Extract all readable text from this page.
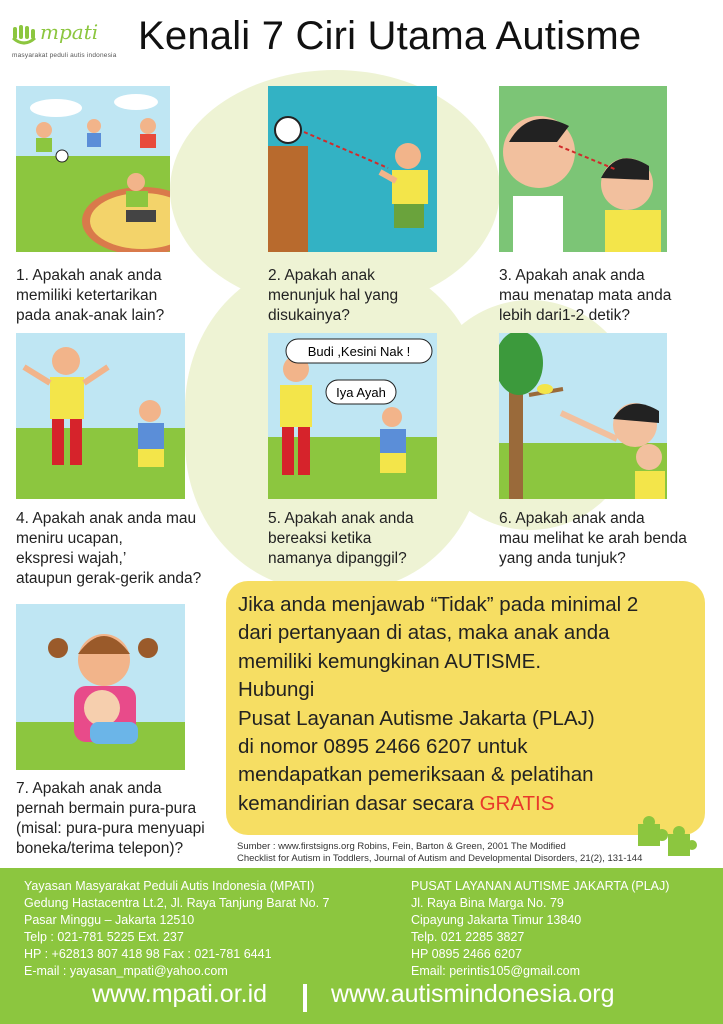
mpati
masyarakat peduli autis indonesia Kenali 7 Ciri Utama Autisme
Budi ,Kesini Nak !
Iya Ayah
1. Apakah anak anda
memiliki ketertarikan
pada anak-anak lain?
2. Apakah anak
menunjuk hal yang
disukainya?
3. Apakah anak anda
mau menatap mata anda
lebih dari1-2 detik?
4. Apakah anak anda mau
meniru ucapan,
ekspresi wajah,’
ataupun gerak-gerik anda?
5. Apakah anak anda
bereaksi ketika
namanya dipanggil?
6. Apakah anak anda
mau melihat ke arah benda
yang anda tunjuk?
7. Apakah anak anda
pernah bermain pura-pura
(misal: pura-pura menyuapi
boneka/terima telepon)?
Jika anda menjawab “Tidak” pada minimal 2
dari pertanyaan di atas, maka anak anda
memiliki kemungkinan AUTISME.
Hubungi
Pusat Layanan Autisme Jakarta (PLAJ)
di nomor 0895 2466 6207 untuk
mendapatkan pemeriksaan & pelatihan
kemandirian dasar secara GRATIS
Sumber : www.firstsigns.org Robins, Fein, Barton & Green, 2001 The Modified
Checklist for Autism in Toddlers, Journal of Autism and Developmental Disorders, 21(2), 131-144
Yayasan Masyarakat Peduli Autis Indonesia (MPATI)
Gedung Hastacentra Lt.2, Jl. Raya Tanjung Barat No. 7
Pasar Minggu – Jakarta 12510
Telp : 021-781 5225 Ext. 237
HP : +62813 807 418 98 Fax : 021-781 6441
E-mail : yayasan_mpati@yahoo.com
PUSAT LAYANAN AUTISME JAKARTA (PLAJ)
Jl. Raya Bina Marga No. 79
Cipayung Jakarta Timur 13840
Telp. 021 2285 3827
HP 0895 2466 6207
Email: perintis105@gmail.com
www.mpati.or.id	www.autismindonesia.org
